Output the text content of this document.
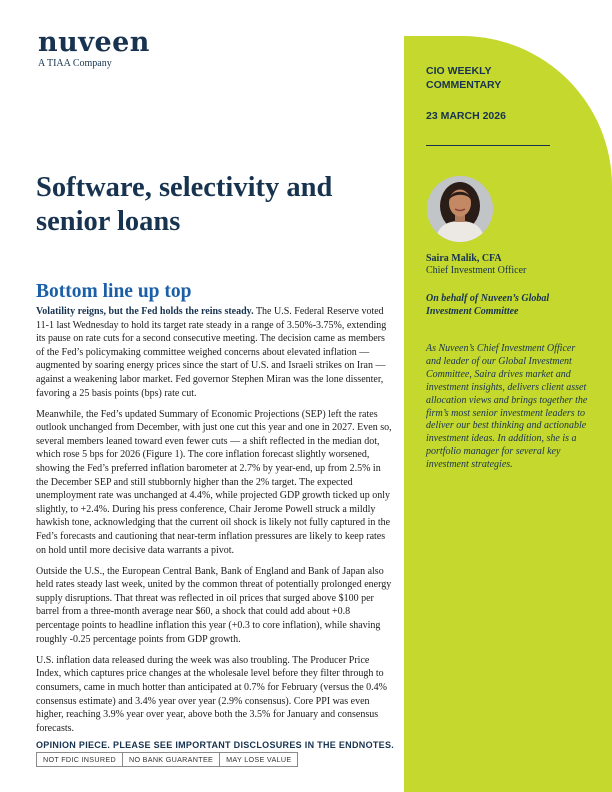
nuveen
A TIAA Company
Software, selectivity and
senior loans
Bottom line up top

Volatility reigns, but the Fed holds the reins steady. The U.S. Federal Reserve voted 11-1 last Wednesday to hold its target rate steady in a range of 3.50%-3.75%, extending its pause on rate cuts for a second consecutive meeting. The decision came as members of the Fed’s policymaking committee weighed concerns about elevated inflation — augmented by soaring energy prices since the start of U.S. and Israeli strikes on Iran — against a weakening labor market. Fed governor Stephen Miran was the lone dissenter, favoring a 25 basis points (bps) rate cut.

Meanwhile, the Fed’s updated Summary of Economic Projections (SEP) left the rates outlook unchanged from December, with just one cut this year and one in 2027. Even so, several members leaned toward even fewer cuts — a shift reflected in the median dot, which rose 5 bps for 2026 (Figure 1). The core inflation forecast slightly worsened, showing the Fed’s preferred inflation barometer at 2.7% by year-end, up from 2.5% in the December SEP and still stubbornly higher than the 2% target. The expected unemployment rate was unchanged at 4.4%, while projected GDP growth ticked up only slightly, to +2.4%. During his press conference, Chair Jerome Powell struck a mildly hawkish tone, acknowledging that the current oil shock is likely not fully captured in the Fed’s forecasts and cautioning that near-term inflation pressures are likely to keep rates on hold until more decisive data warrants a pivot.

Outside the U.S., the European Central Bank, Bank of England and Bank of Japan also held rates steady last week, united by the common threat of potentially prolonged energy supply disruptions. That threat was reflected in oil prices that surged above $100 per barrel from a three-month average near $60, a shock that could add about +0.8 percentage points to headline inflation this year (+0.3 to core inflation), while shaving roughly -0.25 percentage points from GDP growth.

U.S. inflation data released during the week was also troubling. The Producer Price Index, which captures price changes at the wholesale level before they filter through to consumers, came in much hotter than anticipated at 0.7% for February (versus the 0.4% consensus estimate) and 3.4% year over year (2.9% consensus). Core PPI was even higher, reaching 3.9% year over year, above both the 3.5% for January and consensus forecasts.

OPINION PIECE. PLEASE SEE IMPORTANT DISCLOSURES IN THE ENDNOTES.
NOT FDIC INSURED	NO BANK GUARANTEE	MAY LOSE VALUE
CIO WEEKLY
COMMENTARY
23 MARCH 2026
Saira Malik, CFA
Chief Investment Officer
On behalf of Nuveen’s Global Investment Committee
As Nuveen’s Chief Investment Officer and leader of our Global Investment Committee, Saira drives market and investment insights, delivers client asset allocation views and brings together the firm’s most senior investment leaders to deliver our best thinking and actionable investment ideas. In addition, she is a portfolio manager for several key investment strategies.
